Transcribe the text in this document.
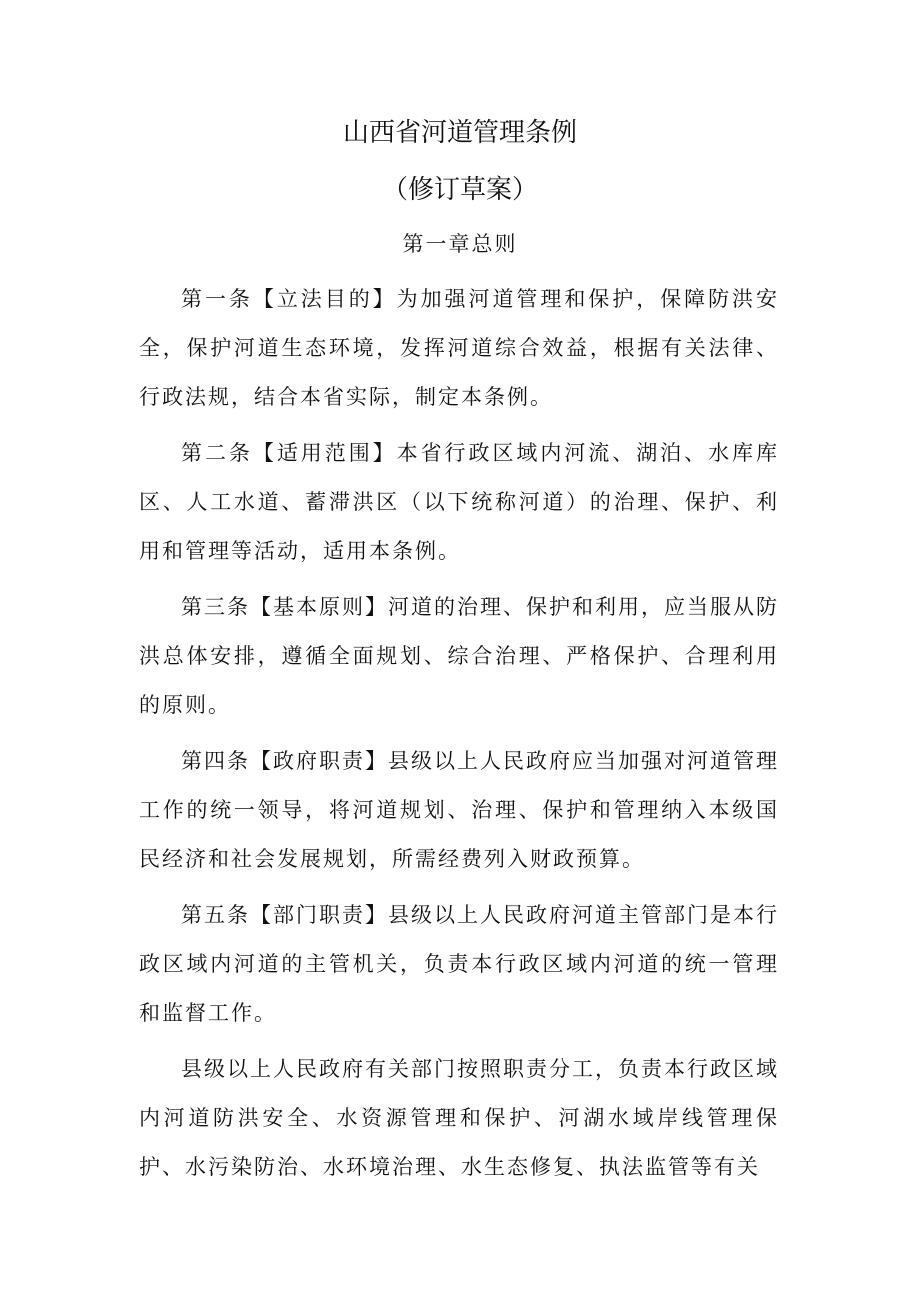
山西省河道管理条例
（修订草案）
第一章总则

第一条【立法目的】为加强河道管理和保护，保障防洪安全，保护河道生态环境，发挥河道综合效益，根据有关法律、行政法规，结合本省实际，制定本条例。

第二条【适用范围】本省行政区域内河流、湖泊、水库库区、人工水道、蓄滞洪区（以下统称河道）的治理、保护、利用和管理等活动，适用本条例。

第三条【基本原则】河道的治理、保护和利用，应当服从防洪总体安排，遵循全面规划、综合治理、严格保护、合理利用的原则。

第四条【政府职责】县级以上人民政府应当加强对河道管理工作的统一领导，将河道规划、治理、保护和管理纳入本级国民经济和社会发展规划，所需经费列入财政预算。

第五条【部门职责】县级以上人民政府河道主管部门是本行政区域内河道的主管机关，负责本行政区域内河道的统一管理和监督工作。

县级以上人民政府有关部门按照职责分工，负责本行政区域内河道防洪安全、水资源管理和保护、河湖水域岸线管理保护、水污染防治、水环境治理、水生态修复、执法监管等有关
